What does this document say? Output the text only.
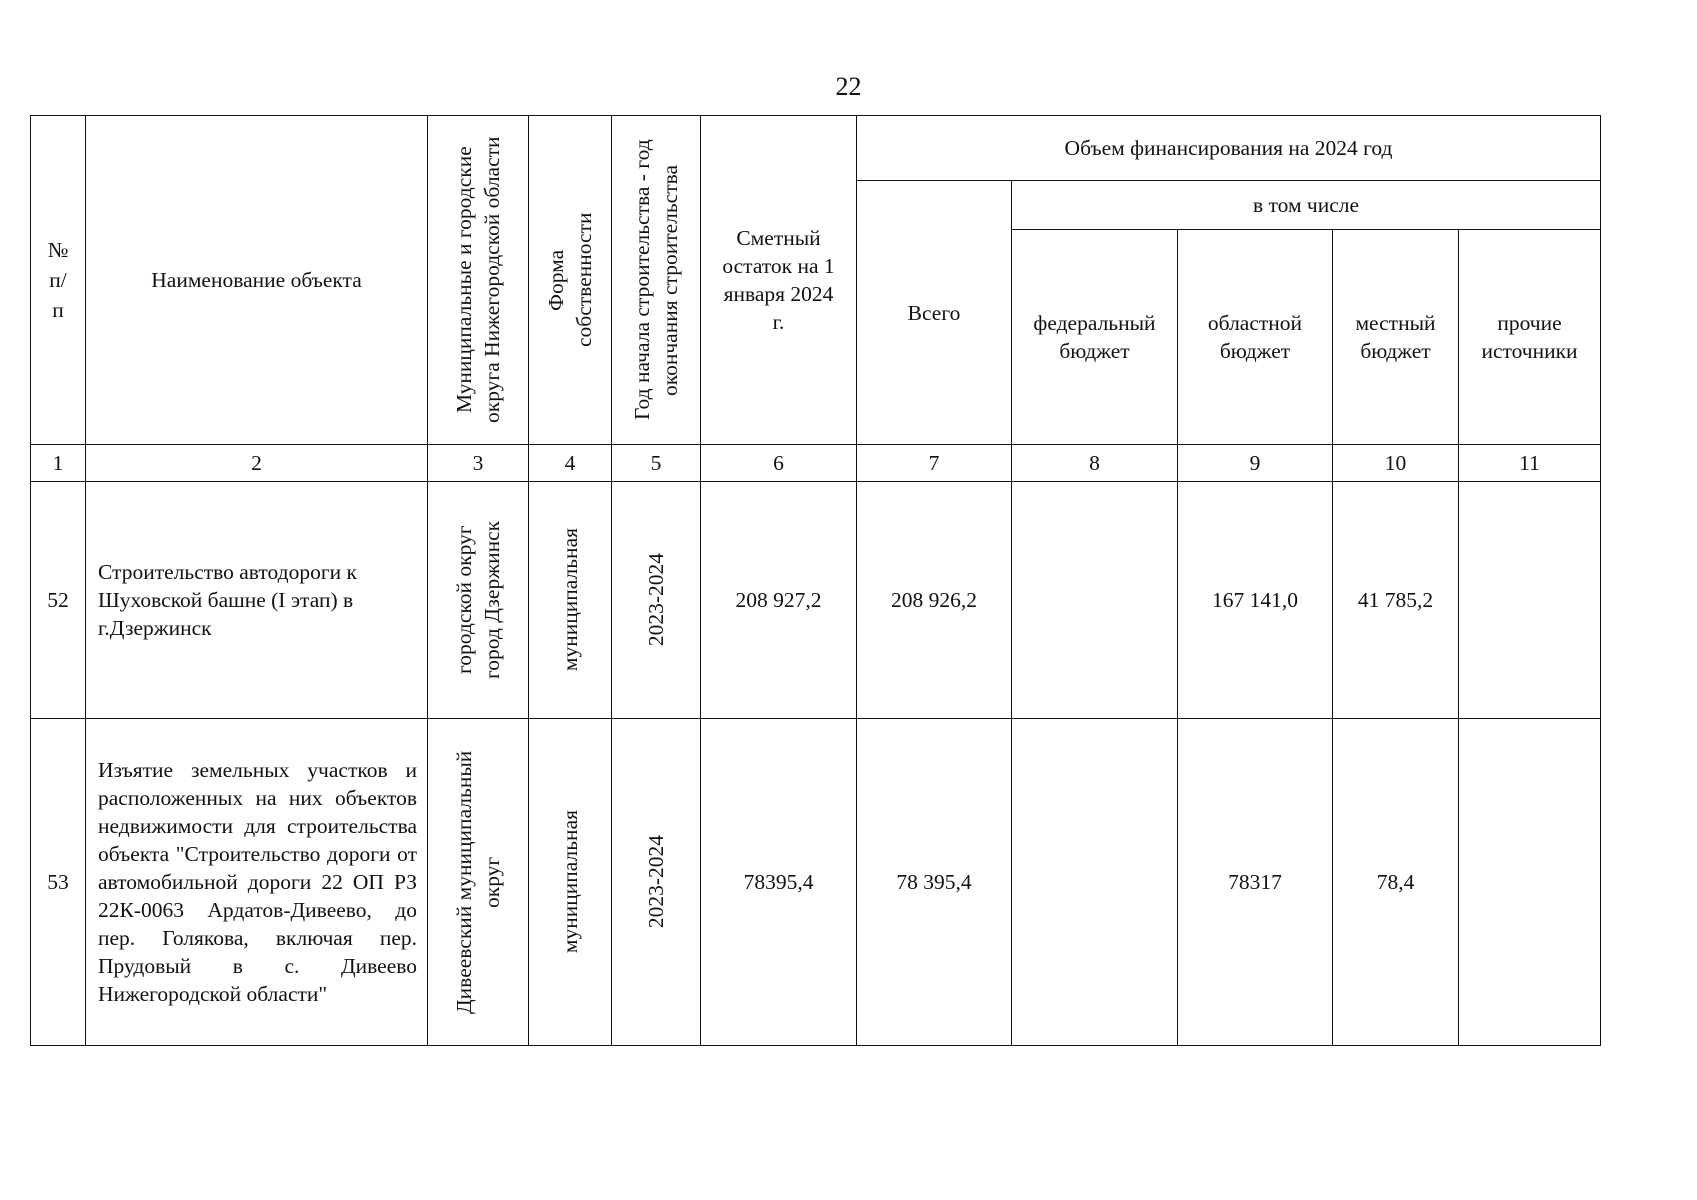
22
№ п/ п	Наименование объекта	Муниципальные и городские округа Нижегородской области	Форма собственности	Год начала строительства - год окончания строительства	Сметный остаток на 1 января 2024 г.	Объем финансирования на 2024 год				
						Всего	в том числе			
							федеральный бюджет	областной бюджет	местный бюджет	прочие источники
1	2	3	4	5	6	7	8	9	10	11
52	Строительство автодороги к Шуховской башне (I этап) в г.Дзержинск	городской округ город Дзержинск	муниципальная	2023-2024	208 927,2	208 926,2		167 141,0	41 785,2	
53	Изъятие земельных участков и расположенных на них объектов недвижимости для строительства объекта "Строительство дороги от автомобильной дороги 22 ОП РЗ 22К-0063 Ардатов-Дивеево, до пер. Голякова, включая пер. Прудовый в с. Дивеево Нижегородской области"	Дивеевский муниципальный округ	муниципальная	2023-2024	78395,4	78 395,4		78317	78,4	
